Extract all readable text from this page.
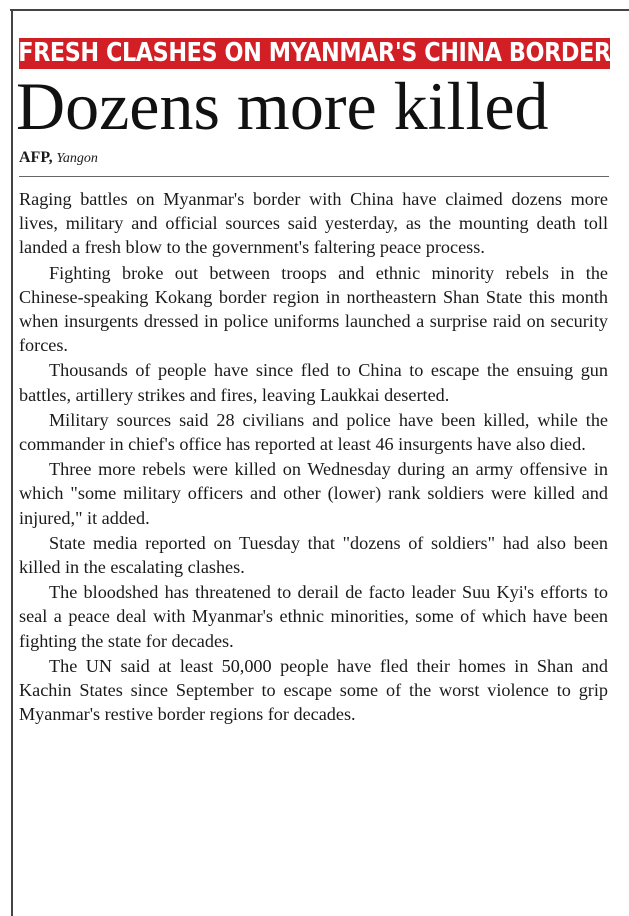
FRESH CLASHES ON MYANMAR'S CHINA BORDER
Dozens more killed
AFP, Yangon

Raging battles on Myanmar's border with China have claimed dozens more lives, military and official sources said yesterday, as the mounting death toll landed a fresh blow to the government's faltering peace process.

Fighting broke out between troops and ethnic minority rebels in the Chinese-speaking Kokang border region in northeastern Shan State this month when insurgents dressed in police uniforms launched a surprise raid on security forces.

Thousands of people have since fled to China to escape the ensuing gun battles, artillery strikes and fires, leaving Laukkai deserted.

Military sources said 28 civilians and police have been killed, while the commander in chief's office has reported at least 46 insurgents have also died.

Three more rebels were killed on Wednesday during an army offensive in which "some military officers and other (lower) rank soldiers were killed and injured," it added.

State media reported on Tuesday that "dozens of soldiers" had also been killed in the escalating clashes.

The bloodshed has threatened to derail de facto leader Suu Kyi's efforts to seal a peace deal with Myanmar's ethnic minorities, some of which have been fighting the state for decades.

The UN said at least 50,000 people have fled their homes in Shan and Kachin States since September to escape some of the worst violence to grip Myanmar's restive border regions for decades.
